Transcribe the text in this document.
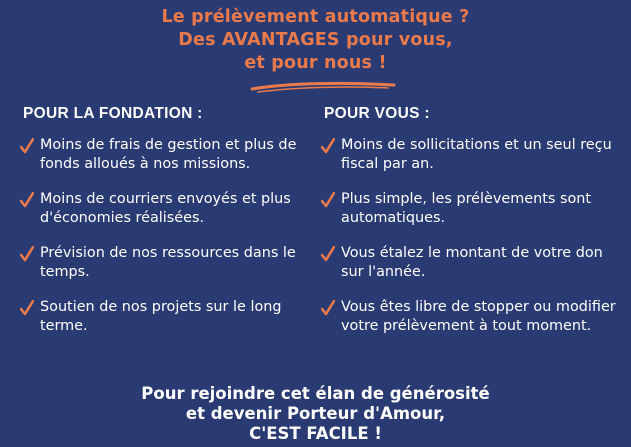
Le prélèvement automatique ?
Des AVANTAGES pour vous,
et pour nous !
POUR LA FONDATION :
Moins de frais de gestion et plus de fonds alloués à nos missions.
Moins de courriers envoyés et plus d'économies réalisées.
Prévision de nos ressources dans le temps.
Soutien de nos projets sur le long terme.
POUR VOUS :
Moins de sollicitations et un seul reçu fiscal par an.
Plus simple, les prélèvements sont automatiques.
Vous étalez le montant de votre don sur l'année.
Vous êtes libre de stopper ou modifier votre prélèvement à tout moment.
Pour rejoindre cet élan de générosité
et devenir Porteur d'Amour,
C'EST FACILE !
